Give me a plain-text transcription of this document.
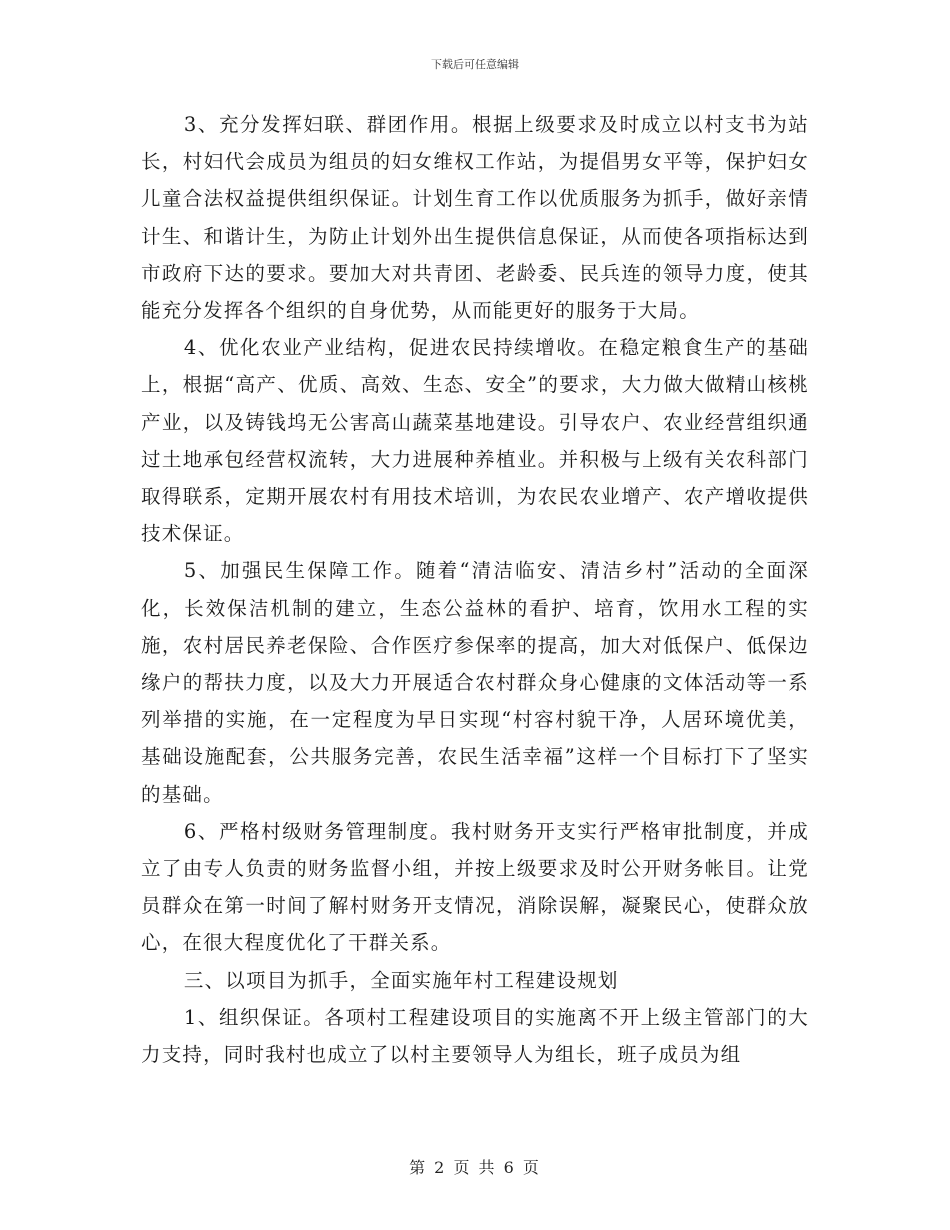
下载后可任意编辑

3、充分发挥妇联、群团作用。根据上级要求及时成立以村支书为站长，村妇代会成员为组员的妇女维权工作站，为提倡男女平等，保护妇女儿童合法权益提供组织保证。计划生育工作以优质服务为抓手，做好亲情计生、和谐计生，为防止计划外出生提供信息保证，从而使各项指标达到市政府下达的要求。要加大对共青团、老龄委、民兵连的领导力度，使其能充分发挥各个组织的自身优势，从而能更好的服务于大局。

4、优化农业产业结构，促进农民持续增收。在稳定粮食生产的基础上，根据“高产、优质、高效、生态、安全”的要求，大力做大做精山核桃产业，以及铸钱坞无公害高山蔬菜基地建设。引导农户、农业经营组织通过土地承包经营权流转，大力进展种养植业。并积极与上级有关农科部门取得联系，定期开展农村有用技术培训，为农民农业增产、农产增收提供技术保证。

5、加强民生保障工作。随着“清洁临安、清洁乡村”活动的全面深化，长效保洁机制的建立，生态公益林的看护、培育，饮用水工程的实施，农村居民养老保险、合作医疗参保率的提高，加大对低保户、低保边缘户的帮扶力度，以及大力开展适合农村群众身心健康的文体活动等一系列举措的实施，在一定程度为早日实现“村容村貌干净，人居环境优美，基础设施配套，公共服务完善，农民生活幸福”这样一个目标打下了坚实的基础。

6、严格村级财务管理制度。我村财务开支实行严格审批制度，并成立了由专人负责的财务监督小组，并按上级要求及时公开财务帐目。让党员群众在第一时间了解村财务开支情况，消除误解，凝聚民心，使群众放心，在很大程度优化了干群关系。

三、以项目为抓手，全面实施年村工程建设规划

1、组织保证。各项村工程建设项目的实施离不开上级主管部门的大力支持，同时我村也成立了以村主要领导人为组长，班子成员为组

第 2 页 共 6 页
